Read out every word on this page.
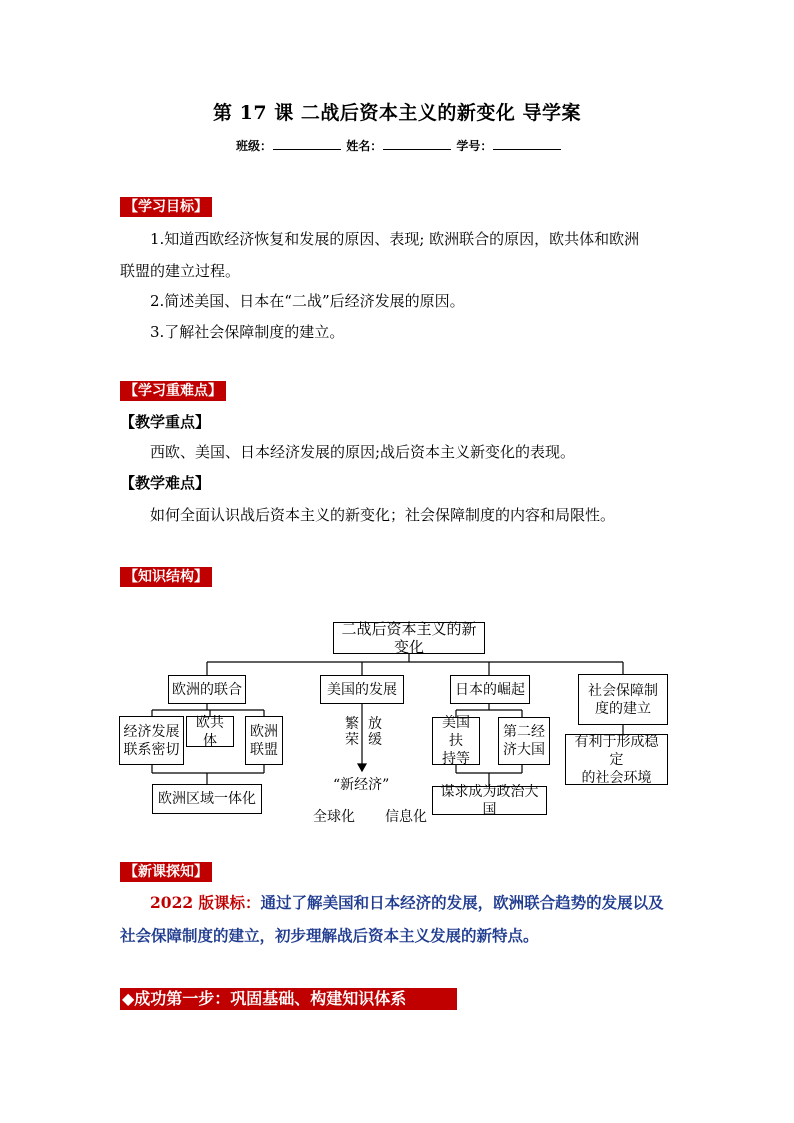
第 17 课 二战后资本主义的新变化 导学案
班级：	姓名：	学号：
【学习目标】
1.知道西欧经济恢复和发展的原因、表现; 欧洲联合的原因，欧共体和欧洲
联盟的建立过程。
2.简述美国、日本在“二战”后经济发展的原因。
3.了解社会保障制度的建立。
【学习重难点】
【教学重点】
西欧、美国、日本经济发展的原因;战后资本主义新变化的表现。
【教学难点】
如何全面认识战后资本主义的新变化；社会保障制度的内容和局限性。
【知识结构】
二战后资本主义的新变化
欧洲的联合
经济发展
联系密切
欧共体
欧洲
联盟
欧洲区域一体化
美国的发展
繁
荣
放
缓
“新经济”
全球化 信息化
日本的崛起
美国扶
持等
第二经
济大国
谋求成为政治大国
社会保障制
度的建立
有利于形成稳定
的社会环境
【新课探知】
2022 版课标：通过了解美国和日本经济的发展，欧洲联合趋势的发展以及
社会保障制度的建立，初步理解战后资本主义发展的新特点。
◆成功第一步：巩固基础、构建知识体系
